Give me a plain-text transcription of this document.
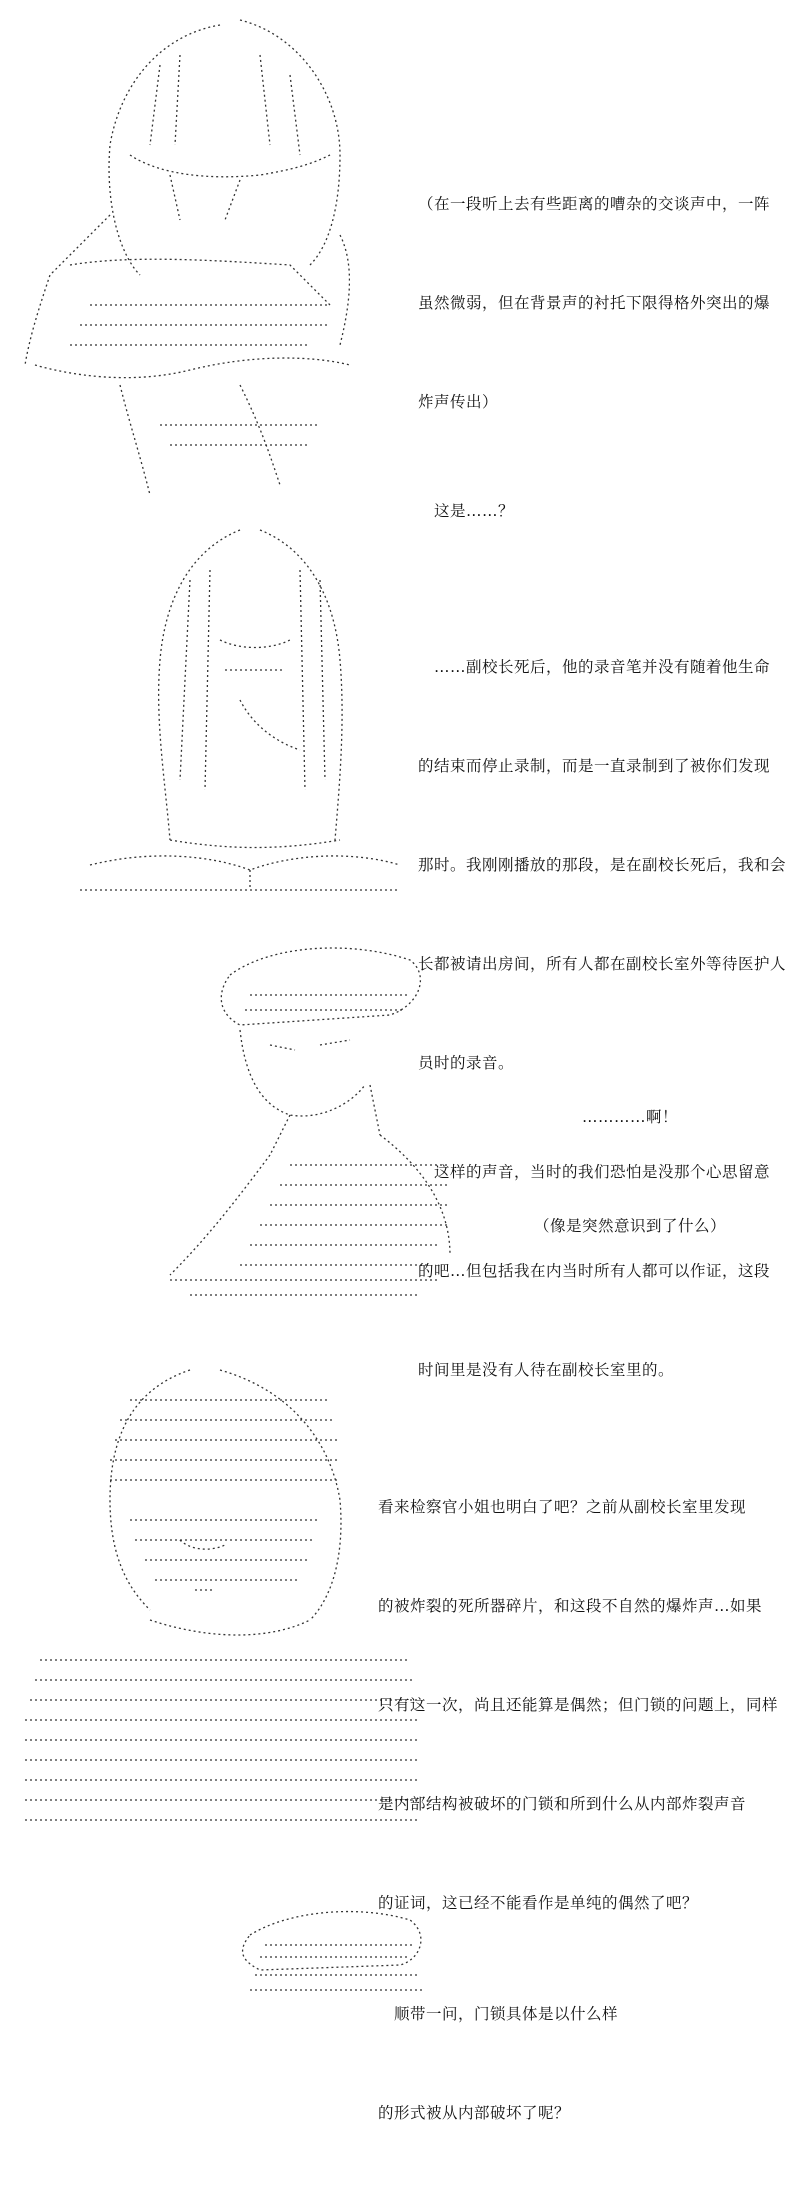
（在一段听上去有些距离的嘈杂的交谈声中，一阵

虽然微弱，但在背景声的衬托下限得格外突出的爆

炸声传出）

　这是……？

　……副校长死后，他的录音笔并没有随着他生命

的结束而停止录制，而是一直录制到了被你们发现

那时。我刚刚播放的那段，是在副校长死后，我和会

长都被请出房间，所有人都在副校长室外等待医护人

员时的录音。

　这样的声音，当时的我们恐怕是没那个心思留意

的吧…但包括我在内当时所有人都可以作证，这段

时间里是没有人待在副校长室里的。

…………啊！

（像是突然意识到了什么）

看来检察官小姐也明白了吧？之前从副校长室里发现

的被炸裂的死所器碎片，和这段不自然的爆炸声…如果

只有这一次，尚且还能算是偶然；但门锁的问题上，同样

是内部结构被破坏的门锁和所到什么从内部炸裂声音

的证词，这已经不能看作是单纯的偶然了吧？

　顺带一问，门锁具体是以什么样

的形式被从内部破坏了呢？
